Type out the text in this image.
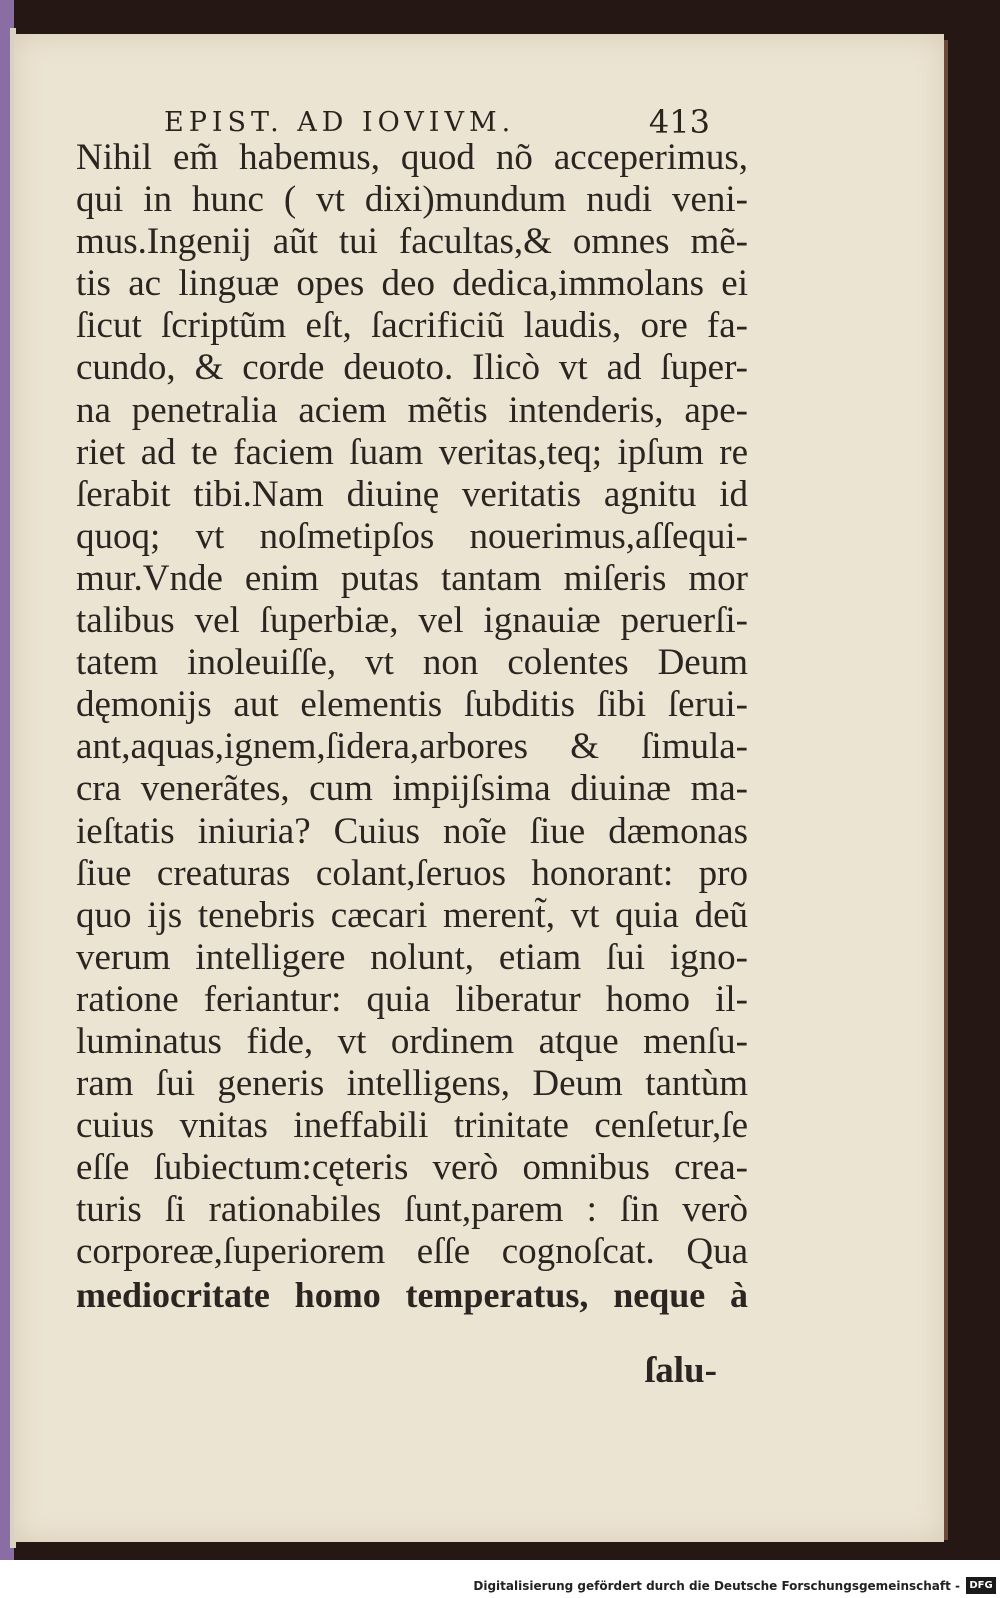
EPIST. AD IOVIVM.	413
Nihil em̃ habemus, quod nõ acceperimus,
qui in hunc ( vt dixi)mundum nudi veni-
mus.Ingenij aũt tui facultas,& omnes mẽ-
tis ac linguæ opes deo dedica,immolans ei
ſicut ſcriptũm eſt, ſacrificiũ laudis, ore fa-
cundo, & corde deuoto. Ilicò vt ad ſuper-
na penetralia aciem mẽtis intenderis, ape-
riet ad te faciem ſuam veritas,teq; ipſum re
ſerabit tibi.Nam diuinę veritatis agnitu id
quoq; vt noſmetipſos nouerimus,aſſequi-
mur.Vnde enim putas tantam miſeris mor
talibus vel ſuperbiæ, vel ignauiæ peruerſi-
tatem inoleuiſſe, vt non colentes Deum
dęmonijs aut elementis ſubditis ſibi ſerui-
ant,aquas,ignem,ſidera,arbores & ſimula-
cra venerãtes, cum impijſsima diuinæ ma-
ieſtatis iniuria? Cuius noĩe ſiue dæmonas
ſiue creaturas colant,ſeruos honorant: pro
quo ijs tenebris cæcari merent̃, vt quia deũ
verum intelligere nolunt, etiam ſui igno-
ratione feriantur: quia liberatur homo il-
luminatus fide, vt ordinem atque menſu-
ram ſui generis intelligens, Deum tantùm
cuius vnitas ineffabili trinitate cenſetur,ſe
eſſe ſubiectum:cęteris verò omnibus crea-
turis ſi rationabiles ſunt,parem : ſin verò
corporeæ,ſuperiorem eſſe cognoſcat. Qua
mediocritate homo temperatus, neque à
ſalu-
Digitalisierung gefördert durch die Deutsche Forschungsgemeinschaft - DFG
